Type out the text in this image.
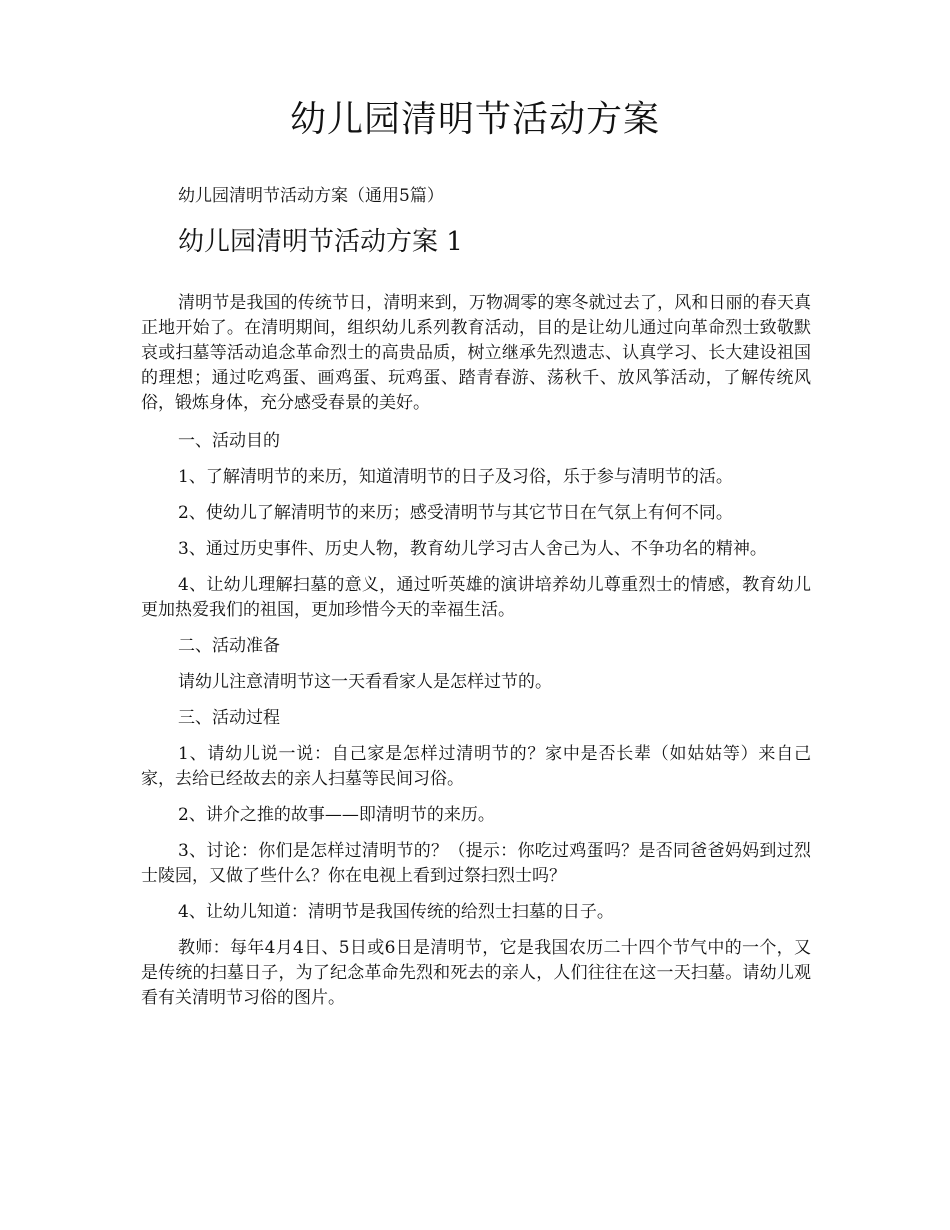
幼儿园清明节活动方案

幼儿园清明节活动方案（通用5篇）

幼儿园清明节活动方案 1

清明节是我国的传统节日，清明来到，万物凋零的寒冬就过去了，风和日丽的春天真正地开始了。在清明期间，组织幼儿系列教育活动，目的是让幼儿通过向革命烈士致敬默哀或扫墓等活动追念革命烈士的高贵品质，树立继承先烈遗志、认真学习、长大建设祖国的理想；通过吃鸡蛋、画鸡蛋、玩鸡蛋、踏青春游、荡秋千、放风筝活动，了解传统风俗，锻炼身体，充分感受春景的美好。

一、活动目的

1、了解清明节的来历，知道清明节的日子及习俗，乐于参与清明节的活。

2、使幼儿了解清明节的来历；感受清明节与其它节日在气氛上有何不同。

3、通过历史事件、历史人物，教育幼儿学习古人舍己为人、不争功名的精神。

4、让幼儿理解扫墓的意义，通过听英雄的演讲培养幼儿尊重烈士的情感，教育幼儿更加热爱我们的祖国，更加珍惜今天的幸福生活。

二、活动准备

请幼儿注意清明节这一天看看家人是怎样过节的。

三、活动过程

1、请幼儿说一说：自己家是怎样过清明节的？家中是否长辈（如姑姑等）来自己家，去给已经故去的亲人扫墓等民间习俗。

2、讲介之推的故事——即清明节的来历。

3、讨论：你们是怎样过清明节的？（提示：你吃过鸡蛋吗？是否同爸爸妈妈到过烈士陵园，又做了些什么？你在电视上看到过祭扫烈士吗？

4、让幼儿知道：清明节是我国传统的给烈士扫墓的日子。

教师：每年4月4日、5日或6日是清明节，它是我国农历二十四个节气中的一个，又是传统的扫墓日子，为了纪念革命先烈和死去的亲人，人们往往在这一天扫墓。请幼儿观看有关清明节习俗的图片。
